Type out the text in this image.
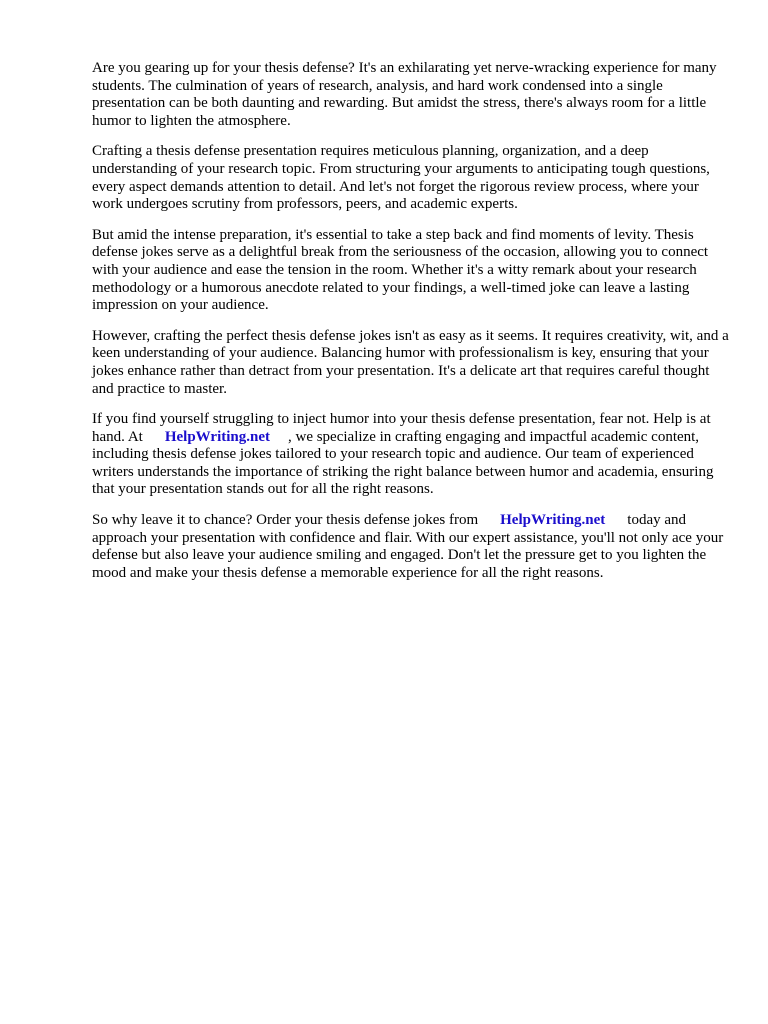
Are you gearing up for your thesis defense? It's an exhilarating yet nerve-wracking experience for many students. The culmination of years of research, analysis, and hard work condensed into a single presentation can be both daunting and rewarding. But amidst the stress, there's always room for a little humor to lighten the atmosphere.

Crafting a thesis defense presentation requires meticulous planning, organization, and a deep understanding of your research topic. From structuring your arguments to anticipating tough questions, every aspect demands attention to detail. And let's not forget the rigorous review process, where your work undergoes scrutiny from professors, peers, and academic experts.

But amid the intense preparation, it's essential to take a step back and find moments of levity. Thesis defense jokes serve as a delightful break from the seriousness of the occasion, allowing you to connect with your audience and ease the tension in the room. Whether it's a witty remark about your research methodology or a humorous anecdote related to your findings, a well-timed joke can leave a lasting impression on your audience.

However, crafting the perfect thesis defense jokes isn't as easy as it seems. It requires creativity, wit, and a keen understanding of your audience. Balancing humor with professionalism is key, ensuring that your jokes enhance rather than detract from your presentation. It's a delicate art that requires careful thought and practice to master.

If you find yourself struggling to inject humor into your thesis defense presentation, fear not. Help is at hand. At HelpWriting.net , we specialize in crafting engaging and impactful academic content, including thesis defense jokes tailored to your research topic and audience. Our team of experienced writers understands the importance of striking the right balance between humor and academia, ensuring that your presentation stands out for all the right reasons.

So why leave it to chance? Order your thesis defense jokes from HelpWriting.net today and approach your presentation with confidence and flair. With our expert assistance, you'll not only ace your defense but also leave your audience smiling and engaged. Don't let the pressure get to you lighten the mood and make your thesis defense a memorable experience for all the right reasons.
